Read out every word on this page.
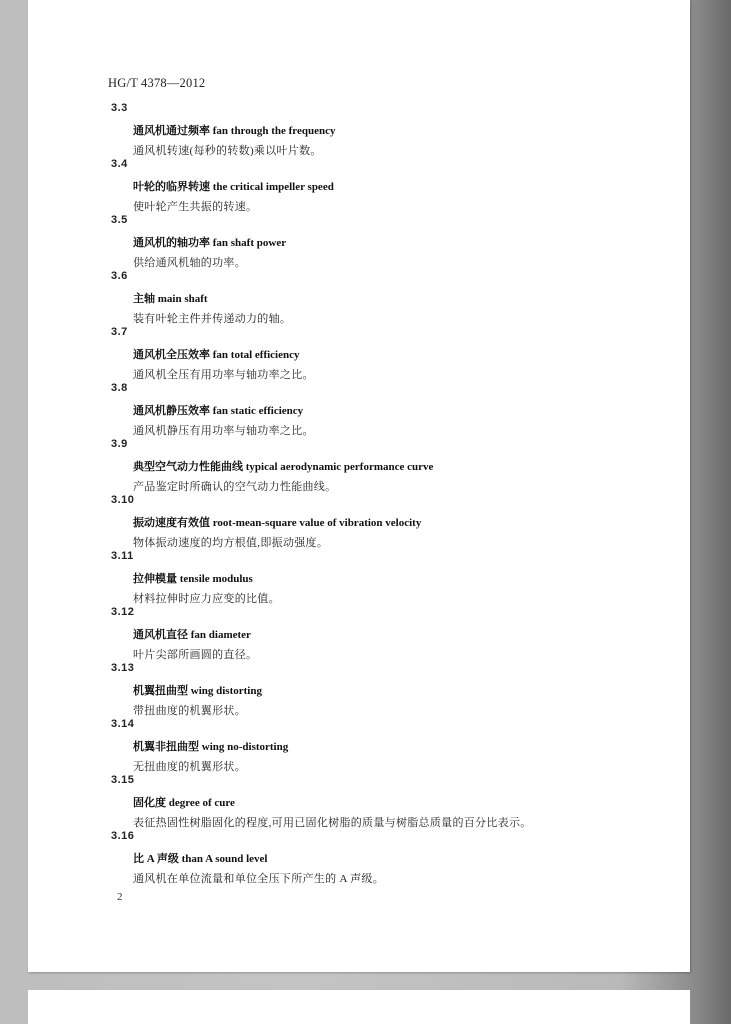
HG/T 4378—2012
3.3
通风机通过频率 fan through the frequency
通风机转速(每秒的转数)乘以叶片数。
3.4
叶轮的临界转速 the critical impeller speed
使叶轮产生共振的转速。
3.5
通风机的轴功率 fan shaft power
供给通风机轴的功率。
3.6
主轴 main shaft
装有叶轮主件并传递动力的轴。
3.7
通风机全压效率 fan total efficiency
通风机全压有用功率与轴功率之比。
3.8
通风机静压效率 fan static efficiency
通风机静压有用功率与轴功率之比。
3.9
典型空气动力性能曲线 typical aerodynamic performance curve
产品鉴定时所确认的空气动力性能曲线。
3.10
振动速度有效值 root-mean-square value of vibration velocity
物体振动速度的均方根值,即振动强度。
3.11
拉伸模量 tensile modulus
材料拉伸时应力应变的比值。
3.12
通风机直径 fan diameter
叶片尖部所画圆的直径。
3.13
机翼扭曲型 wing distorting
带扭曲度的机翼形状。
3.14
机翼非扭曲型 wing no-distorting
无扭曲度的机翼形状。
3.15
固化度 degree of cure
表征热固性树脂固化的程度,可用已固化树脂的质量与树脂总质量的百分比表示。
3.16
比 A 声级 than A sound level
通风机在单位流量和单位全压下所产生的 A 声级。
2
